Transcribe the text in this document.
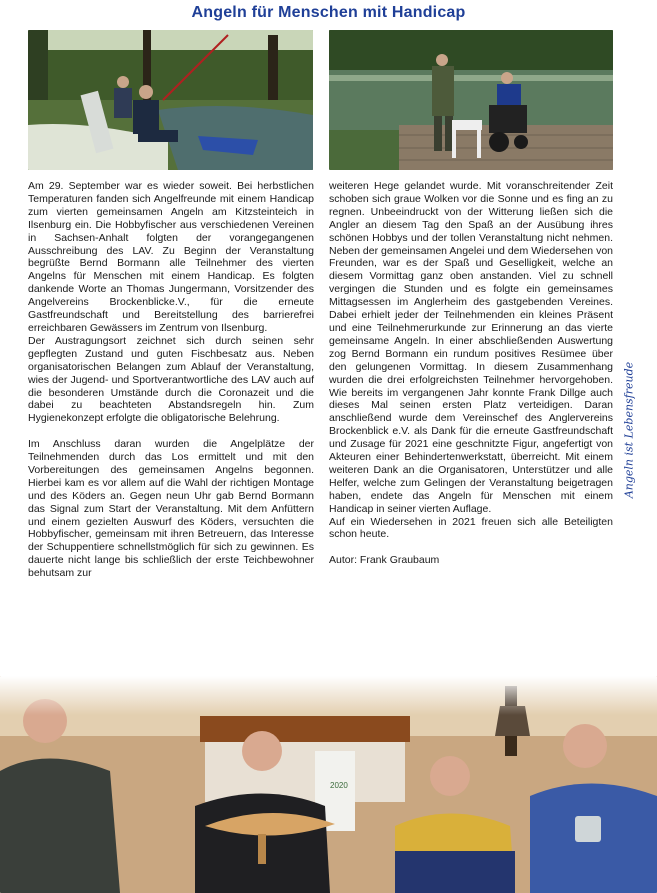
Angeln für Menschen mit Handicap

Am 29. September war es wieder soweit. Bei herbstlichen Temperaturen fanden sich Angelfreunde mit einem Handicap zum vierten gemeinsamen Angeln am Kitzsteinteich in Ilsenburg ein. Die Hobbyfischer aus verschiedenen Vereinen in Sachsen-Anhalt folgten der vorangegangenen Ausschreibung des LAV. Zu Beginn der Veranstaltung begrüßte Bernd Bormann alle Teilnehmer des vierten Angelns für Menschen mit einem Handicap. Es folgten dankende Worte an Thomas Jungermann, Vorsitzender des Angelvereins Brockenblicke.V., für die erneute Gastfreundschaft und Bereitstellung des barrierefrei erreichbaren Gewässers im Zentrum von Ilsenburg.

Der Austragungsort zeichnet sich durch seinen sehr gepflegten Zustand und guten Fischbesatz aus. Neben organisatorischen Belangen zum Ablauf der Veranstaltung, wies der Jugend- und Sportverantwortliche des LAV auch auf die besonderen Umstände durch die Coronazeit und die dabei zu beachteten Abstandsregeln hin. Zum Hygienekonzept erfolgte die obligatorische Belehrung.

Im Anschluss daran wurden die Angelplätze der Teilnehmenden durch das Los ermittelt und mit den Vorbereitungen des gemeinsamen Angelns begonnen. Hierbei kam es vor allem auf die Wahl der richtigen Montage und des Köders an. Gegen neun Uhr gab Bernd Bormann das Signal zum Start der Veranstaltung. Mit dem Anfüttern und einem gezielten Auswurf des Köders, versuchten die Hobbyfischer, gemeinsam mit ihren Betreuern, das Interesse der Schuppentiere schnellstmöglich für sich zu gewinnen. Es dauerte nicht lange bis schließlich der erste Teichbewohner behutsam zur

weiteren Hege gelandet wurde. Mit voranschreitender Zeit schoben sich graue Wolken vor die Sonne und es fing an zu regnen. Unbeeindruckt von der Witterung ließen sich die Angler an diesem Tag den Spaß an der Ausübung ihres schönen Hobbys und der tollen Veranstaltung nicht nehmen. Neben der gemeinsamen Angelei und dem Wiedersehen von Freunden, war es der Spaß und Geselligkeit, welche an diesem Vormittag ganz oben anstanden. Viel zu schnell vergingen die Stunden und es folgte ein gemeinsames Mittagsessen im Anglerheim des gastgebenden Vereines. Dabei erhielt jeder der Teilnehmenden ein kleines Präsent und eine Teilnehmerurkunde zur Erinnerung an das vierte gemeinsame Angeln. In einer abschließenden Auswertung zog Bernd Bormann ein rundum positives Resümee über den gelungenen Vormittag. In diesem Zusammenhang wurden die drei erfolgreichsten Teilnehmer hervorgehoben. Wie bereits im vergangenen Jahr konnte Frank Dillge auch dieses Mal seinen ersten Platz verteidigen. Daran anschließend wurde dem Vereinschef des Anglervereins Brockenblick e.V. als Dank für die erneute Gastfreundschaft und Zusage für 2021 eine geschnitzte Figur, angefertigt von Akteuren einer Behindertenwerkstatt, überreicht. Mit einem weiteren Dank an die Organisatoren, Unterstützer und alle Helfer, welche zum Gelingen der Veranstaltung beigetragen haben, endete das Angeln für Menschen mit einem Handicap in seiner vierten Auflage.

Auf ein Wiedersehen in 2021 freuen sich alle Beteiligten schon heute.

Autor: Frank Graubaum

Angeln ist Lebensfreude
